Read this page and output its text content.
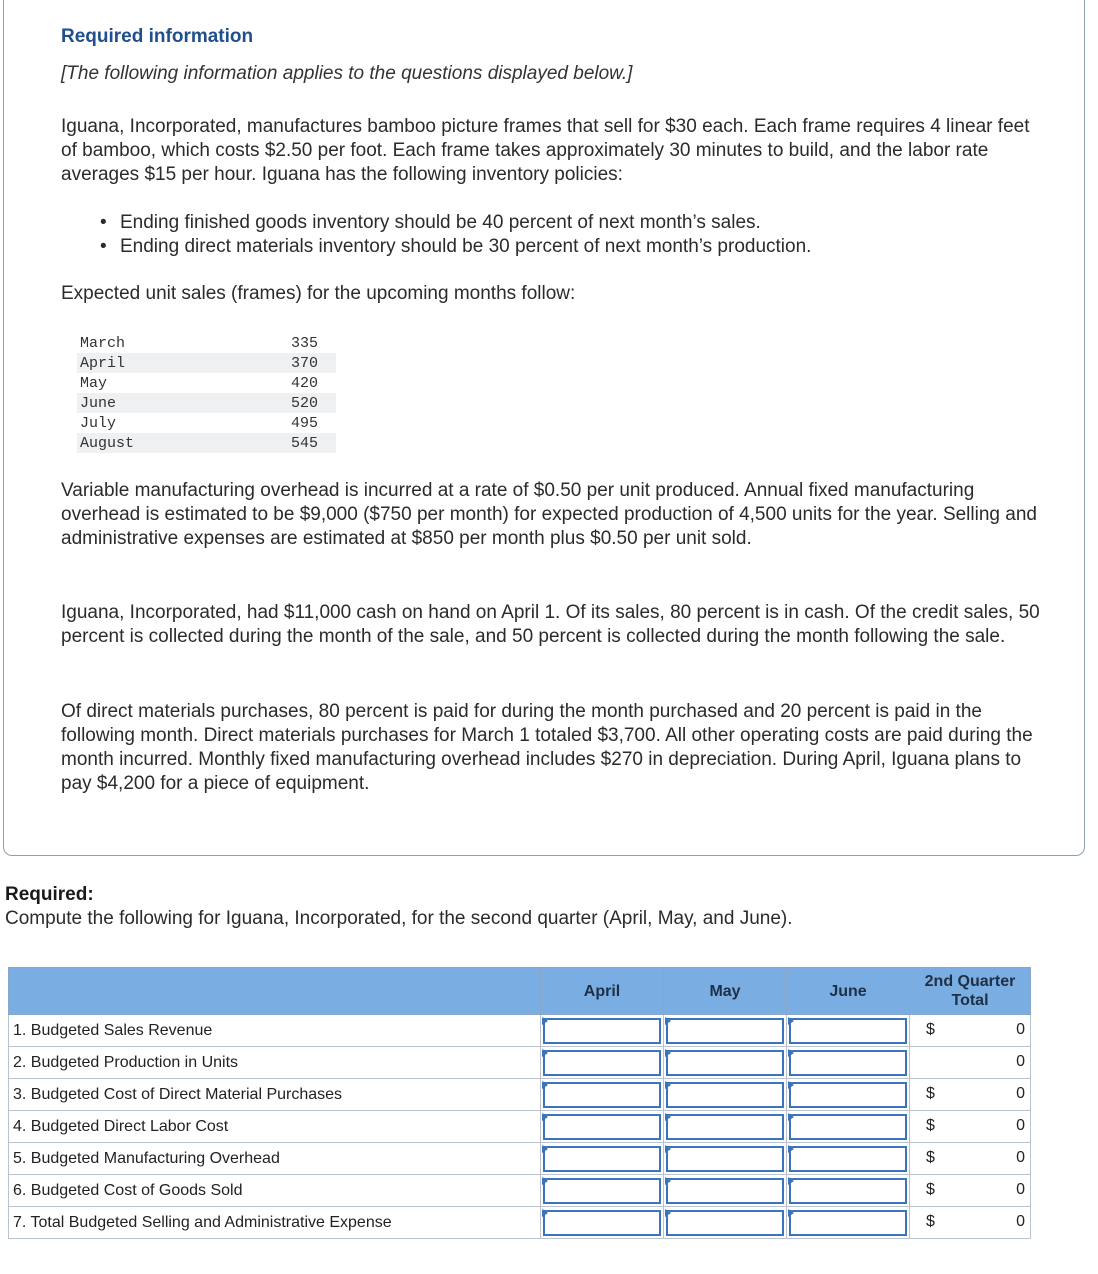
Required information
[The following information applies to the questions displayed below.]

Iguana, Incorporated, manufactures bamboo picture frames that sell for $30 each. Each frame requires 4 linear feet of bamboo, which costs $2.50 per foot. Each frame takes approximately 30 minutes to build, and the labor rate averages $15 per hour. Iguana has the following inventory policies:

• Ending finished goods inventory should be 40 percent of next month’s sales.
• Ending direct materials inventory should be 30 percent of next month’s production.

Expected unit sales (frames) for the upcoming months follow:

March	335
April	370
May	420
June	520
July	495
August	545

Variable manufacturing overhead is incurred at a rate of $0.50 per unit produced. Annual fixed manufacturing overhead is estimated to be $9,000 ($750 per month) for expected production of 4,500 units for the year. Selling and administrative expenses are estimated at $850 per month plus $0.50 per unit sold.

Iguana, Incorporated, had $11,000 cash on hand on April 1. Of its sales, 80 percent is in cash. Of the credit sales, 50 percent is collected during the month of the sale, and 50 percent is collected during the month following the sale.

Of direct materials purchases, 80 percent is paid for during the month purchased and 20 percent is paid in the following month. Direct materials purchases for March 1 totaled $3,700. All other operating costs are paid during the month incurred. Monthly fixed manufacturing overhead includes $270 in depreciation. During April, Iguana plans to pay $4,200 for a piece of equipment.

Required:
Compute the following for Iguana, Incorporated, for the second quarter (April, May, and June).
	April	May	June	2nd Quarter
Total
1. Budgeted Sales Revenue				$ 0

2. Budgeted Production in Units				0

3. Budgeted Cost of Direct Material Purchases				$ 0

4. Budgeted Direct Labor Cost				$ 0

5. Budgeted Manufacturing Overhead				$ 0

6. Budgeted Cost of Goods Sold				$ 0

7. Total Budgeted Selling and Administrative Expense				$ 0
